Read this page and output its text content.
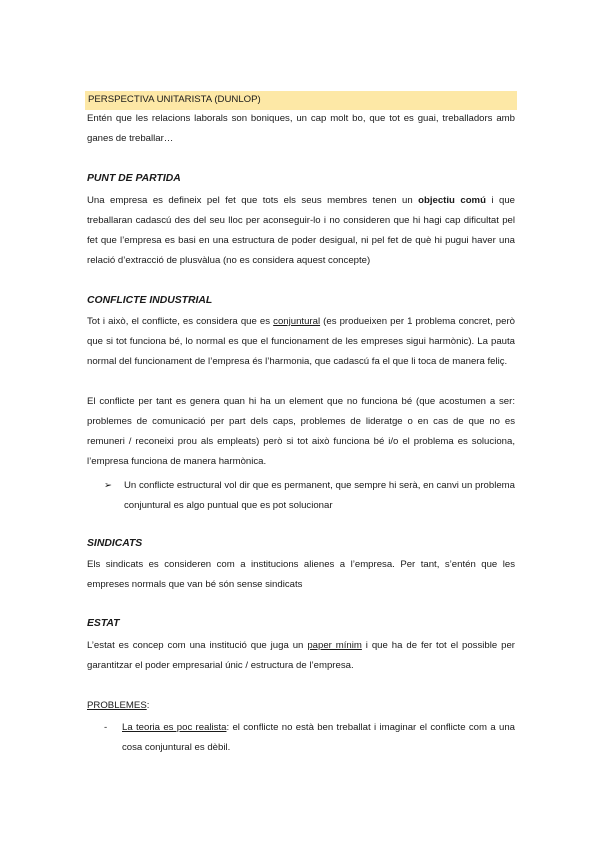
PERSPECTIVA UNITARISTA (DUNLOP)
Entén que les relacions laborals son boniques, un cap molt bo, que tot es guai, treballadors amb ganes de treballar…
PUNT DE PARTIDA
Una empresa es defineix pel fet que tots els seus membres tenen un objectiu comú i que treballaran cadascú des del seu lloc per aconseguir-lo i no consideren que hi hagi cap dificultat pel fet que l’empresa es basi en una estructura de poder desigual, ni pel fet de què hi pugui haver una relació d’extracció de plusvàlua (no es considera aquest concepte)
CONFLICTE INDUSTRIAL
Tot i això, el conflicte, es considera que es conjuntural (es produeixen per 1 problema concret, però que si tot funciona bé, lo normal es que el funcionament de les empreses sigui harmònic). La pauta normal del funcionament de l’empresa és l’harmonia, que cadascú fa el que li toca de manera feliç.
El conflicte per tant es genera quan hi ha un element que no funciona bé (que acostumen a ser: problemes de comunicació per part dels caps, problemes de lideratge o en cas de que no es remuneri / reconeixi prou als empleats) però si tot això funciona bé i/o el problema es soluciona, l’empresa funciona de manera harmònica.
➢ Un conflicte estructural vol dir que es permanent, que sempre hi serà, en canvi un problema conjuntural es algo puntual que es pot solucionar
SINDICATS
Els sindicats es consideren com a institucions alienes a l’empresa. Per tant, s’entén que les empreses normals que van bé són sense sindicats
ESTAT
L’estat es concep com una institució que juga un paper mínim i que ha de fer tot el possible per garantitzar el poder empresarial únic / estructura de l’empresa.
PROBLEMES:
- La teoria es poc realista: el conflicte no està ben treballat i imaginar el conflicte com a una cosa conjuntural es dèbil.
